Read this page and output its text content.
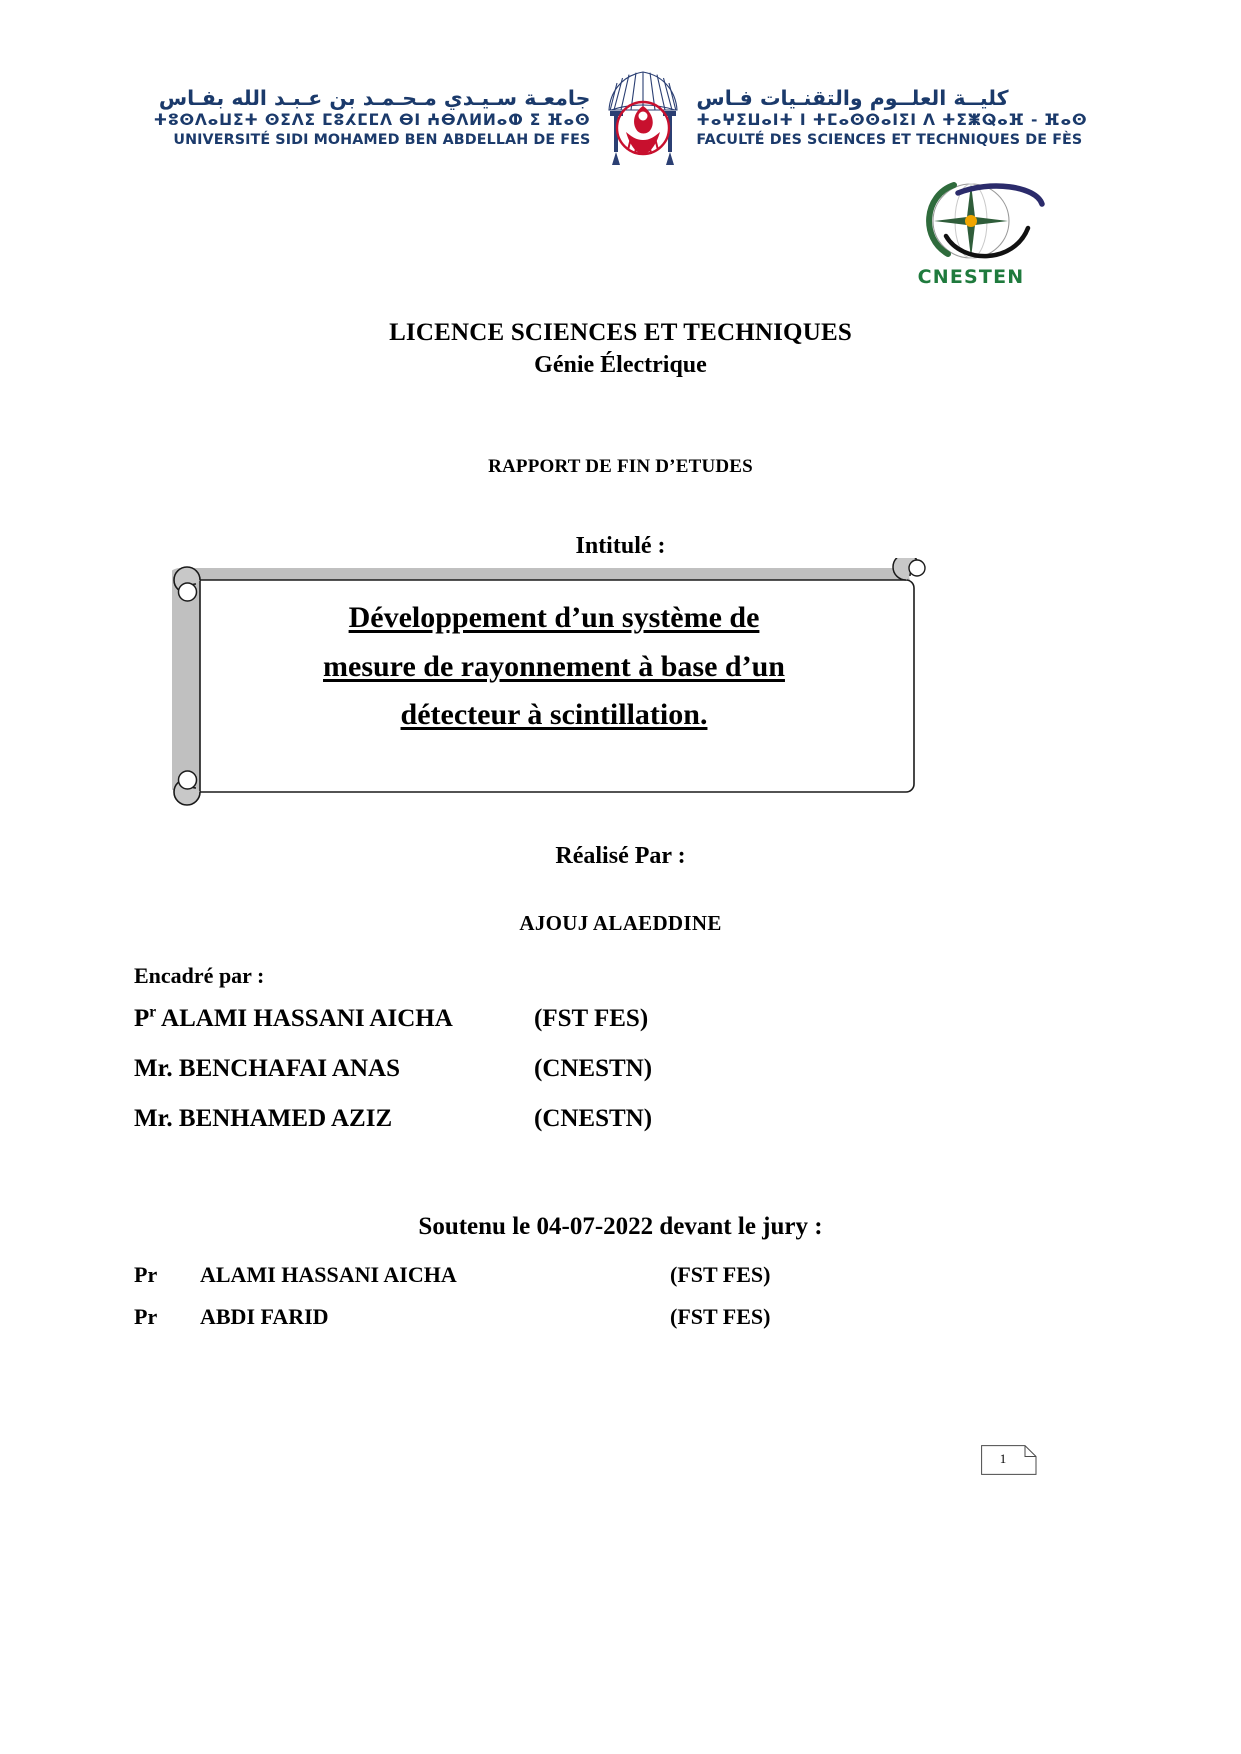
جامعـة سـيـدي مـحـمـد بن عـبـد الله بفـاس
ⵜⵓⵙⴷⴰⵡⵉⵜ ⵙⵉⴷⵉ ⵎⵓⵃⵎⵎⴷ ⴱⵏ ⵄⴱⴷⵍⵍⴰⵀ ⵉ ⴼⴰⵙ
UNIVERSITÉ SIDI MOHAMED BEN ABDELLAH DE FES
كليــة العلــوم والتقنـيات فـاس
ⵜⴰⵖⵉⵡⴰⵏⵜ ⵏ ⵜⵎⴰⵙⵙⴰⵏⵉⵏ ⴷ ⵜⵉⵥⵕⴰⴼ - ⴼⴰⵙ
FACULTÉ DES SCIENCES ET TECHNIQUES DE FÈS
CNESTEN
LICENCE SCIENCES ET TECHNIQUES
Génie Électrique
RAPPORT DE FIN D’ETUDES
Intitulé :
Développement d’un système de
mesure de rayonnement à base d’un
détecteur à scintillation.
Réalisé Par :
AJOUJ ALAEDDINE
Encadré par :
$P^r$ ALAMI HASSANI AICHA	(FST FES)
Mr. BENCHAFAI ANAS	(CNESTN)
Mr. BENHAMED AZIZ	(CNESTN)
Soutenu le 04-07-2022 devant le jury :
Pr	ALAMI HASSANI AICHA	(FST FES)
Pr	ABDI FARID	(FST FES)
1
